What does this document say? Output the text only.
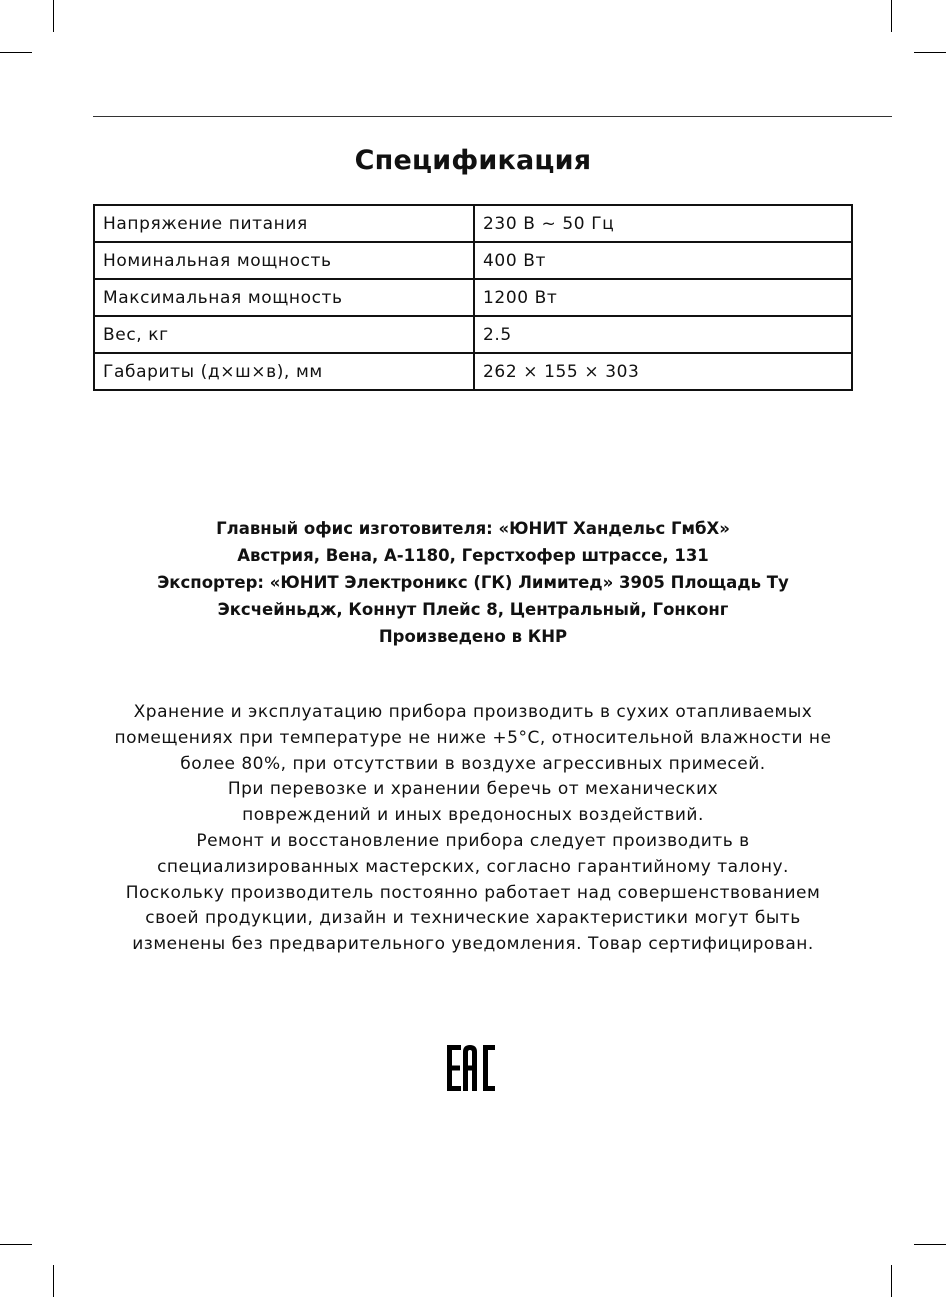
Спецификация
Напряжение питания	230 В ~ 50 Гц
Номинальная мощность	400 Вт
Максимальная мощность	1200 Вт
Вес, кг	2.5
Габариты (д×ш×в), мм	262 × 155 × 303
Главный офис изготовителя: «ЮНИТ Хандельс ГмбХ»
Австрия, Вена, A-1180, Герстхофер штрассе, 131
Экспортер: «ЮНИТ Электроникс (ГК) Лимитед» 3905 Площадь Ту
Эксчейньдж, Коннут Плейс 8, Центральный, Гонконг
Произведено в КНР
Хранение и эксплуатацию прибора производить в сухих отапливаемых
помещениях при температуре не ниже +5°С, относительной влажности не
более 80%, при отсутствии в воздухе агрессивных примесей.
При перевозке и хранении беречь от механических
повреждений и иных вредоносных воздействий.
Ремонт и восстановление прибора следует производить в
специализированных мастерских, согласно гарантийному талону.
Поскольку производитель постоянно работает над совершенствованием
своей продукции, дизайн и технические характеристики могут быть
изменены без предварительного уведомления. Товар сертифицирован.
